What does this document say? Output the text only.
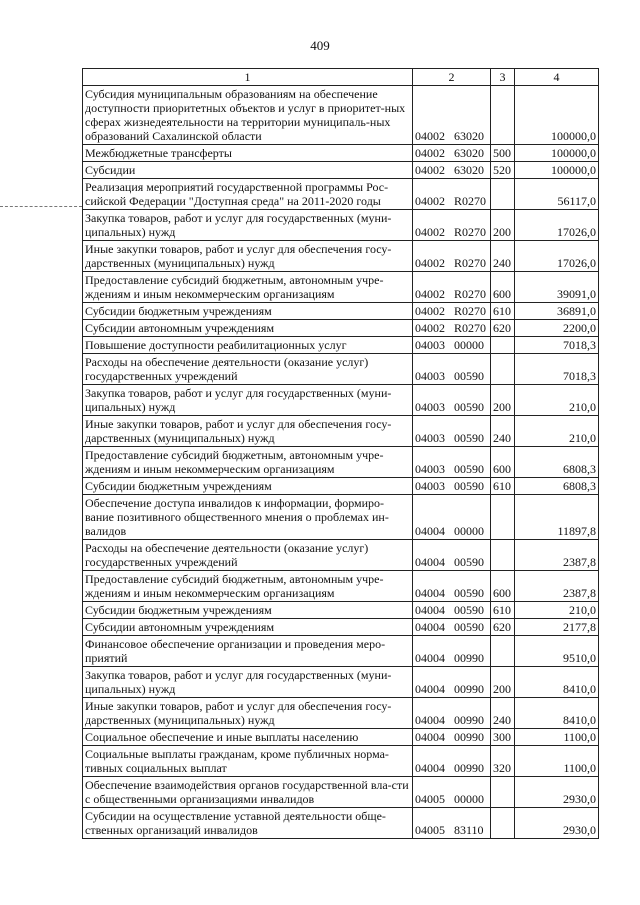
409
1	2	3	4
Субсидия муниципальным образованиям на обеспечение доступности приоритетных объектов и услуг в приоритет-ных сферах жизнедеятельности на территории муниципаль-ных образований Сахалинской области	04002 63020		100000,0
Межбюджетные трансферты	04002 63020	500	100000,0
Субсидии	04002 63020	520	100000,0
Реализация мероприятий государственной программы Рос-сийской Федерации "Доступная среда" на 2011-2020 годы	04002 R0270		56117,0
Закупка товаров, работ и услуг для государственных (муни-ципальных) нужд	04002 R0270	200	17026,0
Иные закупки товаров, работ и услуг для обеспечения госу-дарственных (муниципальных) нужд	04002 R0270	240	17026,0
Предоставление субсидий бюджетным, автономным учре-ждениям и иным некоммерческим организациям	04002 R0270	600	39091,0
Субсидии бюджетным учреждениям	04002 R0270	610	36891,0
Субсидии автономным учреждениям	04002 R0270	620	2200,0
Повышение доступности реабилитационных услуг	04003 00000		7018,3
Расходы на обеспечение деятельности (оказание услуг) государственных учреждений	04003 00590		7018,3
Закупка товаров, работ и услуг для государственных (муни-ципальных) нужд	04003 00590	200	210,0
Иные закупки товаров, работ и услуг для обеспечения госу-дарственных (муниципальных) нужд	04003 00590	240	210,0
Предоставление субсидий бюджетным, автономным учре-ждениям и иным некоммерческим организациям	04003 00590	600	6808,3
Субсидии бюджетным учреждениям	04003 00590	610	6808,3
Обеспечение доступа инвалидов к информации, формиро-вание позитивного общественного мнения о проблемах ин-валидов	04004 00000		11897,8
Расходы на обеспечение деятельности (оказание услуг) государственных учреждений	04004 00590		2387,8
Предоставление субсидий бюджетным, автономным учре-ждениям и иным некоммерческим организациям	04004 00590	600	2387,8
Субсидии бюджетным учреждениям	04004 00590	610	210,0
Субсидии автономным учреждениям	04004 00590	620	2177,8
Финансовое обеспечение организации и проведения меро-приятий	04004 00990		9510,0
Закупка товаров, работ и услуг для государственных (муни-ципальных) нужд	04004 00990	200	8410,0
Иные закупки товаров, работ и услуг для обеспечения госу-дарственных (муниципальных) нужд	04004 00990	240	8410,0
Социальное обеспечение и иные выплаты населению	04004 00990	300	1100,0
Социальные выплаты гражданам, кроме публичных норма-тивных социальных выплат	04004 00990	320	1100,0
Обеспечение взаимодействия органов государственной вла-сти с общественными организациями инвалидов	04005 00000		2930,0
Субсидии на осуществление уставной деятельности обще-ственных организаций инвалидов	04005 83110		2930,0
